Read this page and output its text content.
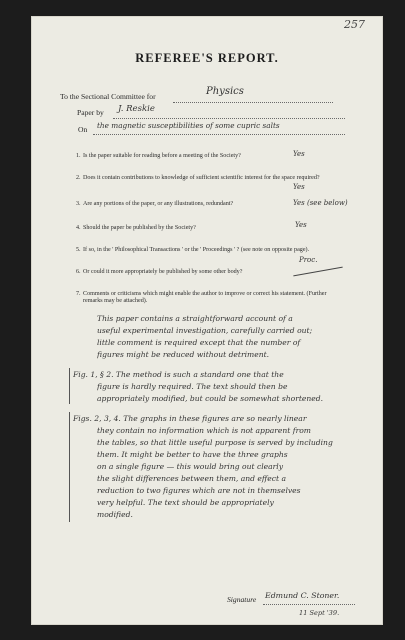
257
REFEREE'S REPORT.
To the Sectional Committee for	Physics
Paper by J. Reskie
On the magnetic susceptibilities of some cupric salts
1. Is the paper suitable for reading before a meeting of the Society?	Yes
2. Does it contain contributions to knowledge of sufficient scientific interest for the space required?
Yes
3. Are any portions of the paper, or any illustrations, redundant?	Yes (see below)
4. Should the paper be published by the Society?	Yes
5. If so, in the ' Philosophical Transactions ' or the ' Proceedings ' ? (see note on opposite page).
Proc.
6. Or could it more appropriately be published by some other body?
7. Comments or criticisms which might enable the author to improve or correct his statement. (Further remarks may be attached).
This paper contains a straightforward account of a
useful experimental investigation, carefully carried out;
little comment is required except that the number of
figures might be reduced without detriment.
Fig. 1, § 2. The method is such a standard one that the
figure is hardly required. The text should then be
appropriately modified, but could be somewhat shortened.
Figs. 2, 3, 4. The graphs in these figures are so nearly linear
they contain no information which is not apparent from
the tables, so that little useful purpose is served by including
them. It might be better to have the three graphs
on a single figure — this would bring out clearly
the slight differences between them, and effect a
reduction to two figures which are not in themselves
very helpful. The text should be appropriately
modified.
Signature Edmund C. Stoner.
11 Sept '39.
